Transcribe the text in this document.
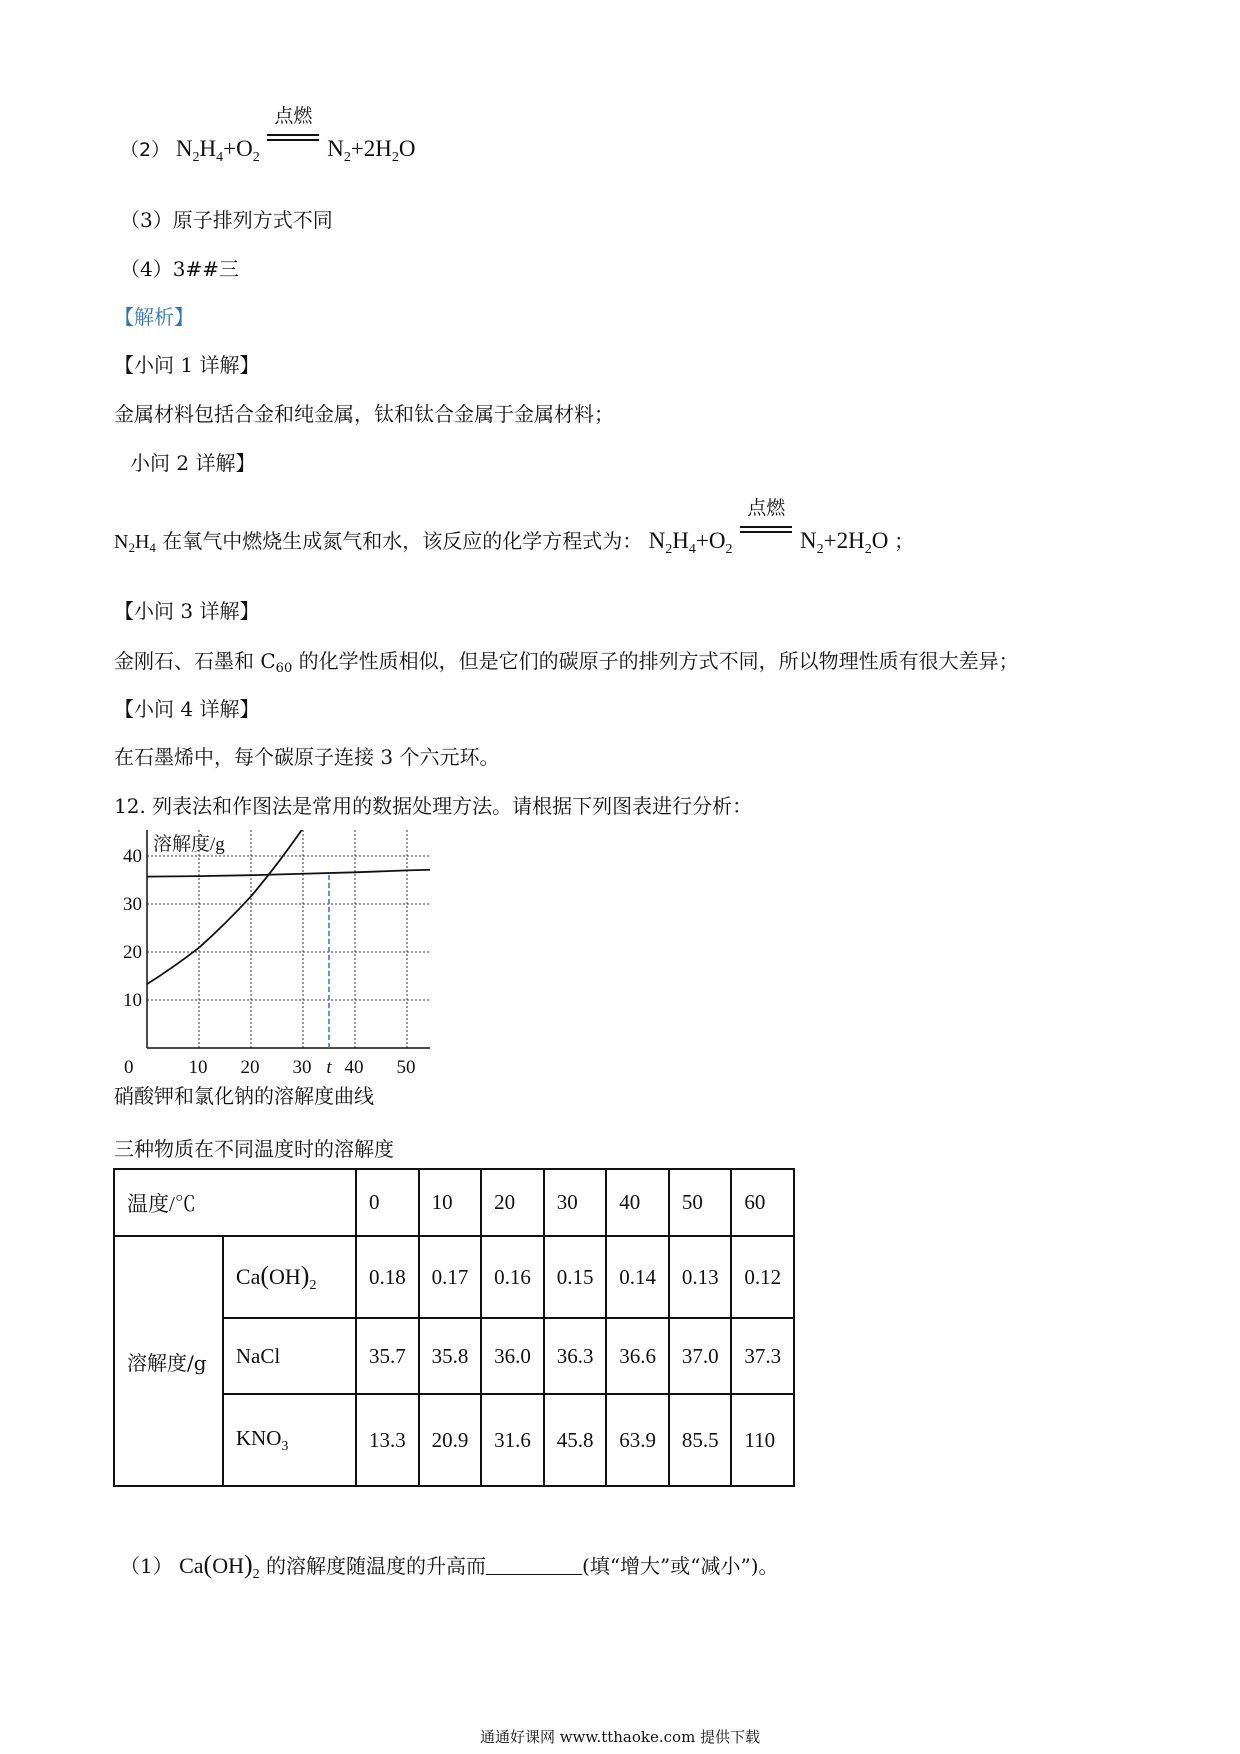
（2） $N_2H_4+O_2$
点燃
$N_2+2H_2O$
（3）原子排列方式不同
（4）3##三
【解析】
【小问 1 详解】
金属材料包括合金和纯金属，钛和钛合金属于金属材料；
小问 2 详解】
$N_2H_4$ 在氧气中燃烧生成氮气和水，该反应的化学方程式为： $N_2H_4+O_2$
点燃
$N_2+2H_2O$ ；
【小问 3 详解】
金刚石、石墨和 $C_{60}$ 的化学性质相似，但是它们的碳原子的排列方式不同，所以物理性质有很大差异；
【小问 4 详解】
在石墨烯中，每个碳原子连接 3 个六元环。
12. 列表法和作图法是常用的数据处理方法。请根据下列图表进行分析：
10
20
30
40
0	10 20 30 t 40 50
溶解度/g
硝酸钾和氯化钠的溶解度曲线
三种物质在不同温度时的溶解度
温度/℃		0	10	20	30	40	50	60
溶解度/g	$Ca(OH)_2$	0.18	0.17	0.16	0.15	0.14	0.13	0.12
	NaCl	35.7	35.8	36.0	36.3	36.6	37.0	37.3
	$KNO_3$	13.3	20.9	31.6	45.8	63.9	85.5	110
（1） $Ca(OH)_2$ 的溶解度随温度的升高而	(填“增大”或“减小”)。
通通好课网 www.tthaoke.com 提供下载
